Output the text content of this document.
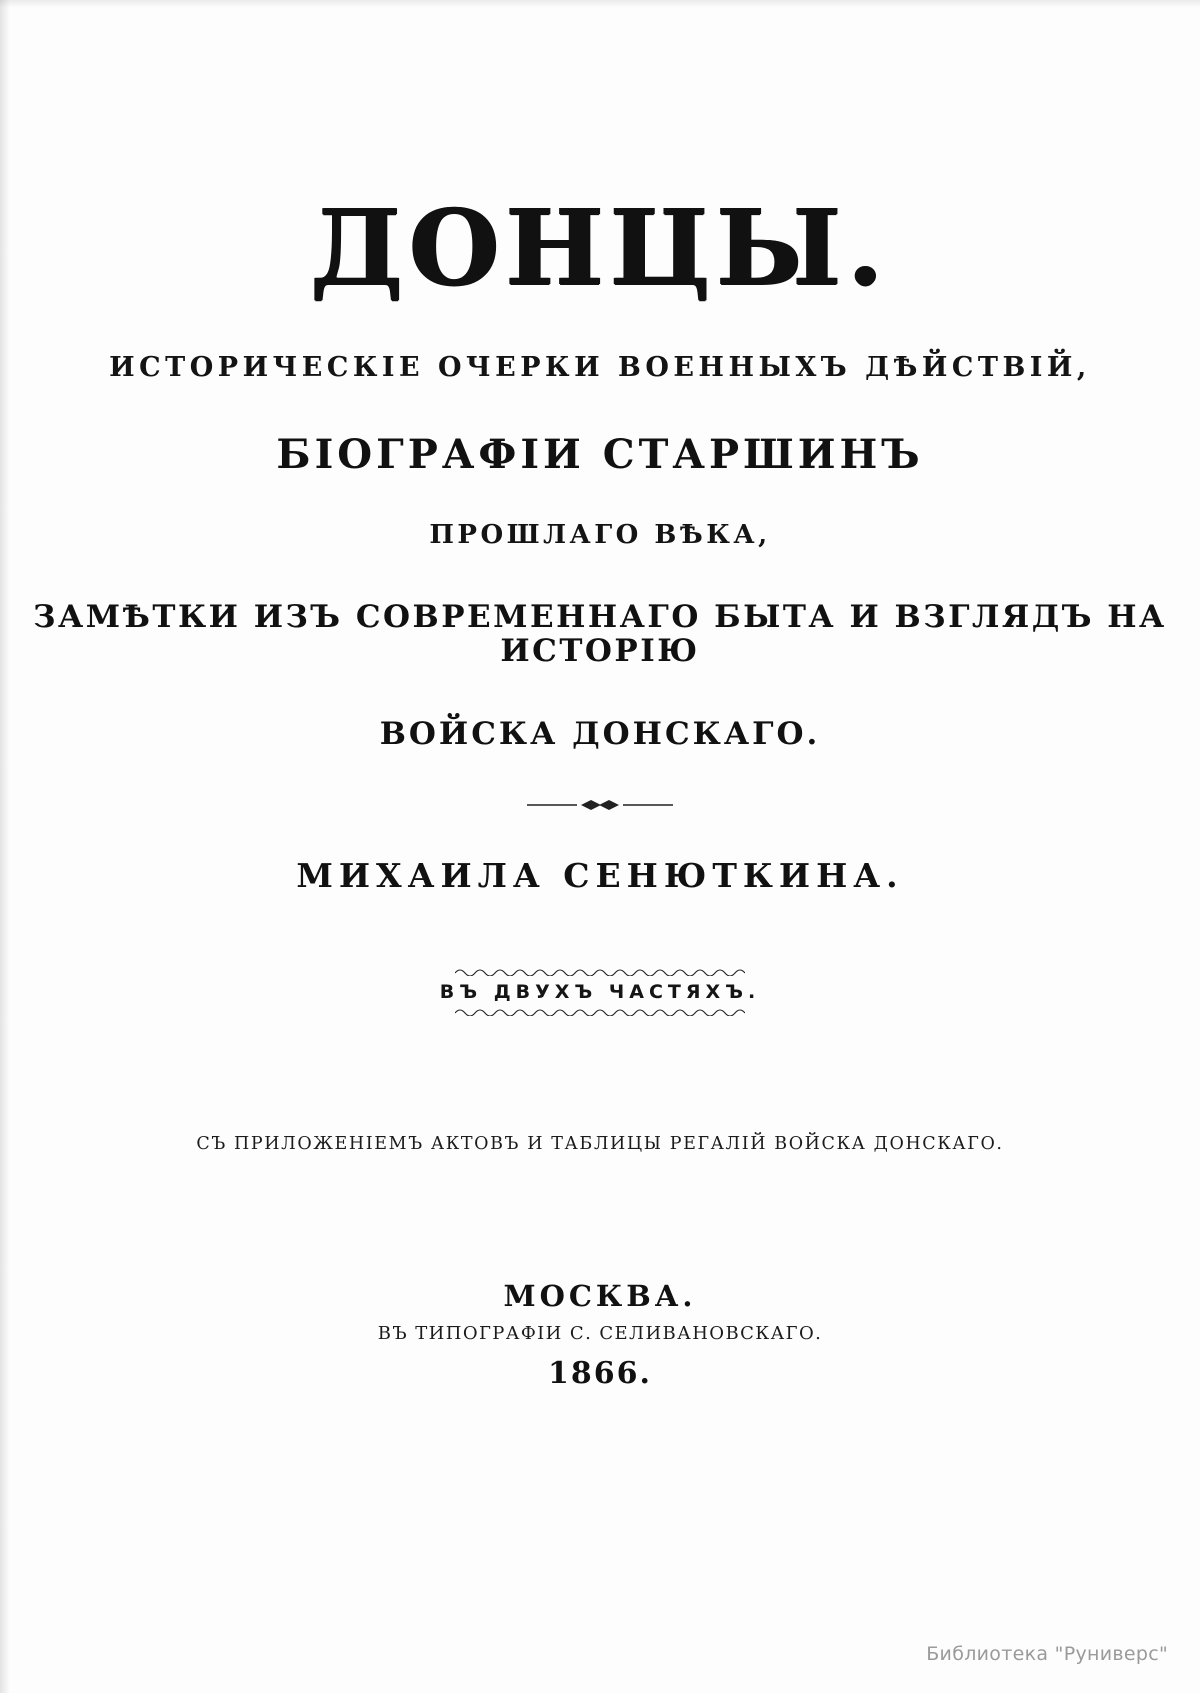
ДОНЦЫ.
ИСТОРИЧЕСКІЕ ОЧЕРКИ ВОЕННЫХЪ ДѢЙСТВІЙ,
БІОГРАФІИ СТАРШИНЪ
ПРОШЛАГО ВѢКА,
ЗАМѢТКИ ИЗЪ СОВРЕМЕННАГО БЫТА И ВЗГЛЯДЪ НА ИСТОРІЮ
ВОЙСКА ДОНСКАГО.
МИХАИЛА СЕНЮТКИНА.
ВЪ ДВУХЪ ЧАСТЯХЪ.
СЪ ПРИЛОЖЕНІЕМЪ АКТОВЪ И ТАБЛИЦЫ РЕГАЛІЙ ВОЙСКА ДОНСКАГО.
МОСКВА.
ВЪ ТИПОГРАФІИ С. СЕЛИВАНОВСКАГО.
1866.
Библиотека "Руниверс"
